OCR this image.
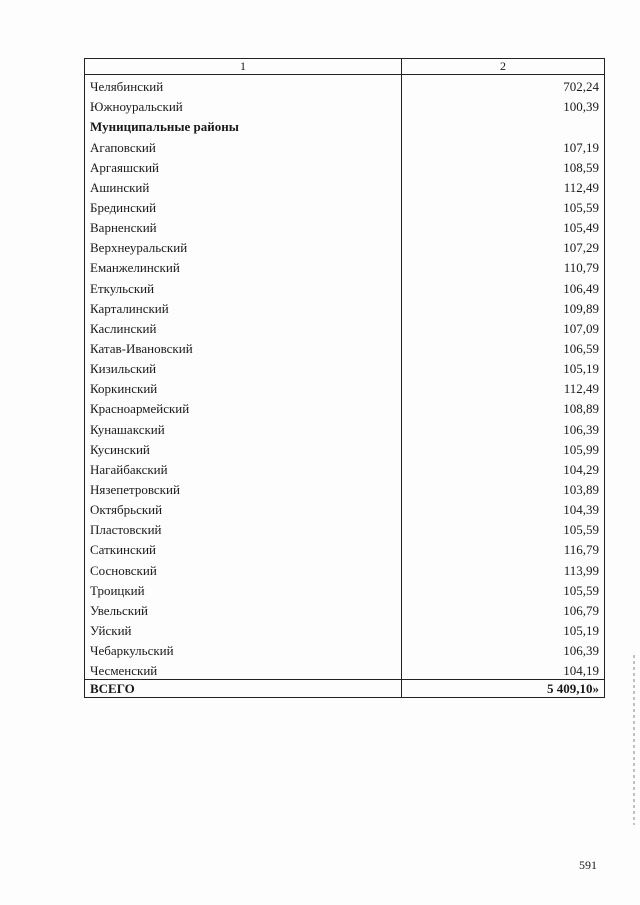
1	2
Челябинский	702,24
Южноуральский	100,39
Муниципальные районы	
Агаповский	107,19
Аргаяшский	108,59
Ашинский	112,49
Брединский	105,59
Варненский	105,49
Верхнеуральский	107,29
Еманжелинский	110,79
Еткульский	106,49
Карталинский	109,89
Каслинский	107,09
Катав-Ивановский	106,59
Кизильский	105,19
Коркинский	112,49
Красноармейский	108,89
Кунашакский	106,39
Кусинский	105,99
Нагайбакский	104,29
Нязепетровский	103,89
Октябрьский	104,39
Пластовский	105,59
Саткинский	116,79
Сосновский	113,99
Троицкий	105,59
Увельский	106,79
Уйский	105,19
Чебаркульский	106,39
Чесменский	104,19
ВСЕГО	5 409,10»
591
